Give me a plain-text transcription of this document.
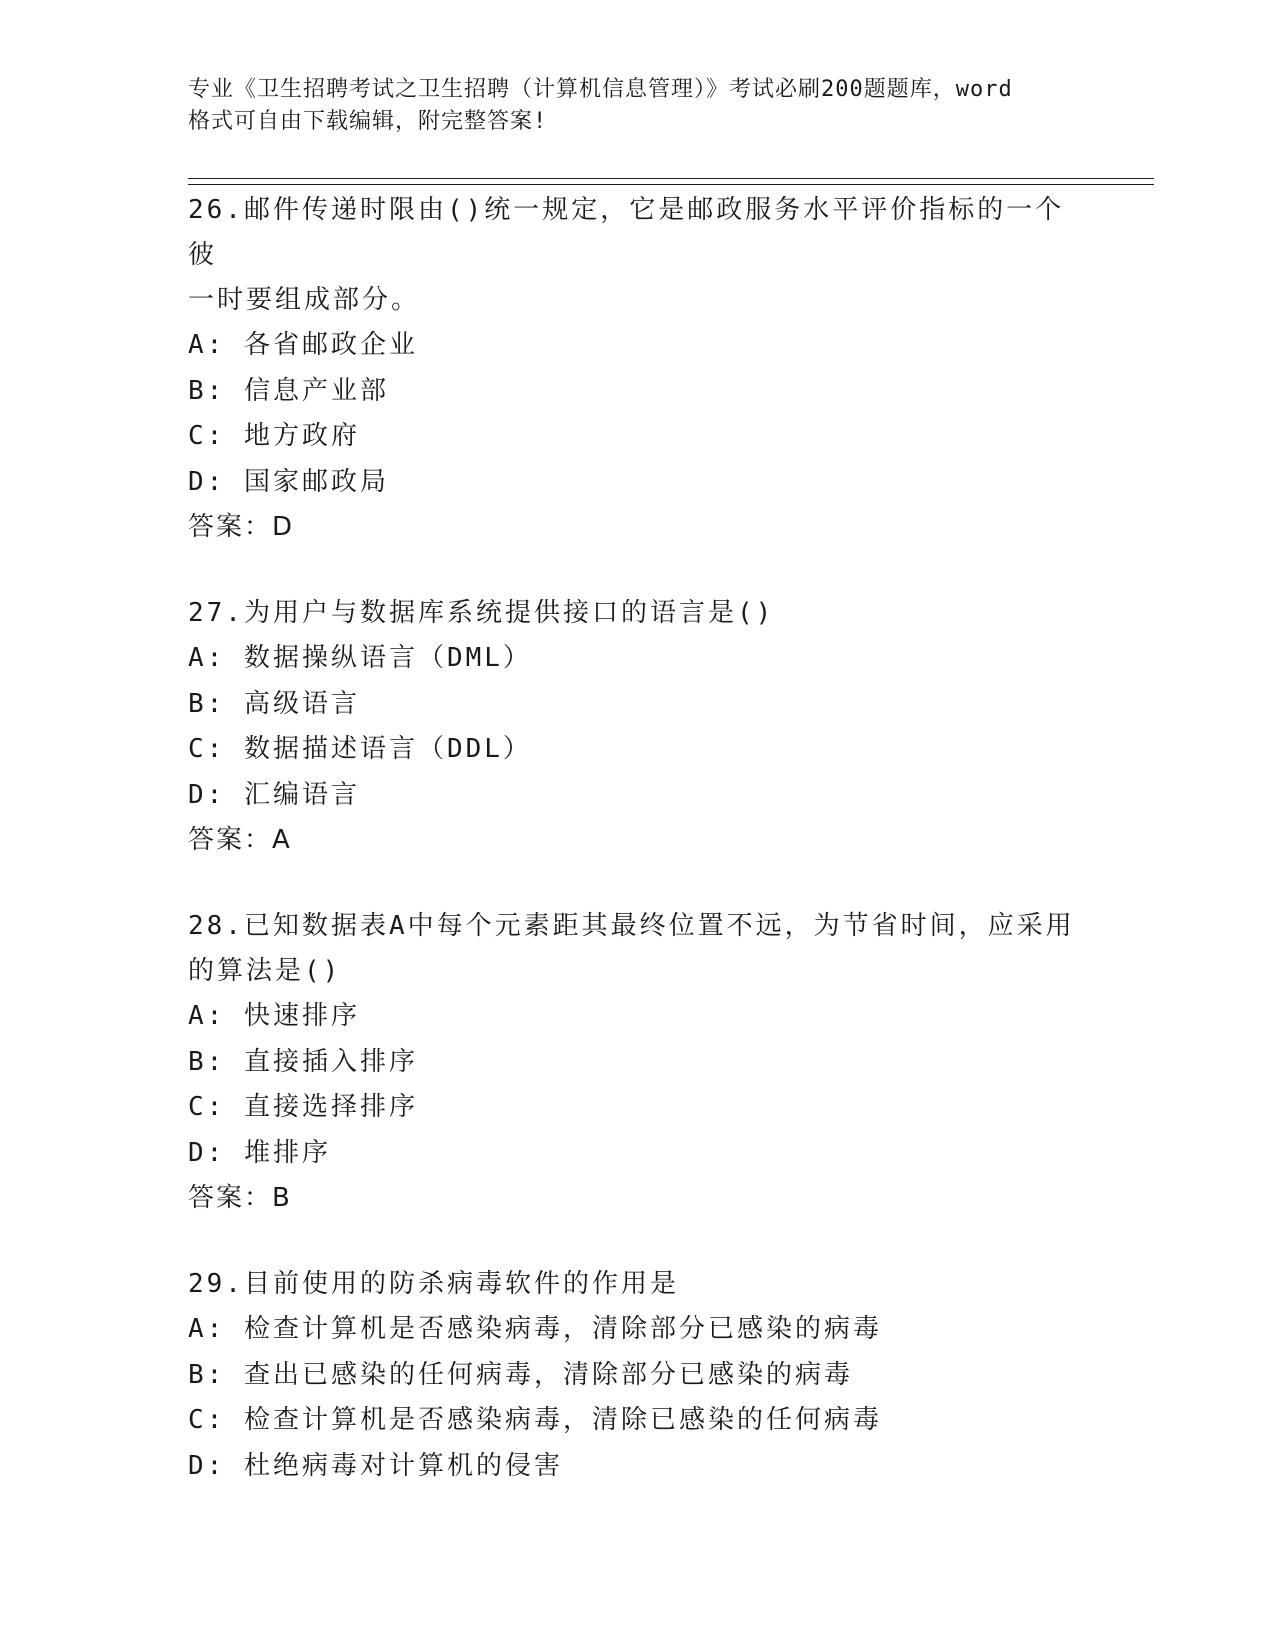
专业《卫生招聘考试之卫生招聘（计算机信息管理）》考试必刷200题题库，word
格式可自由下载编辑，附完整答案!
26.邮件传递时限由()统一规定，它是邮政服务水平评价指标的一个彼
一时要组成部分。
A: 各省邮政企业
B: 信息产业部
C: 地方政府
D: 国家邮政局
答案：D
27.为用户与数据库系统提供接口的语言是()
A: 数据操纵语言（DML）
B: 高级语言
C: 数据描述语言（DDL）
D: 汇编语言
答案：A
28.已知数据表A中每个元素距其最终位置不远，为节省时间，应采用
的算法是()
A: 快速排序
B: 直接插入排序
C: 直接选择排序
D: 堆排序
答案：B
29.目前使用的防杀病毒软件的作用是
A: 检查计算机是否感染病毒，清除部分已感染的病毒
B: 查出已感染的任何病毒，清除部分已感染的病毒
C: 检查计算机是否感染病毒，清除已感染的任何病毒
D: 杜绝病毒对计算机的侵害
